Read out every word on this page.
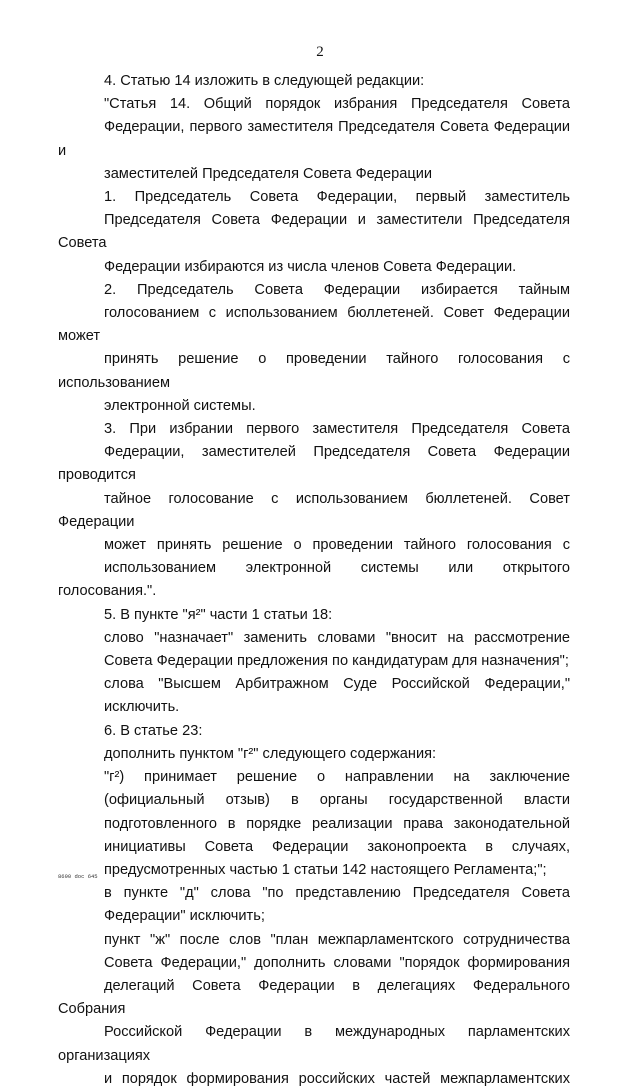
2
4. Статью 14 изложить в следующей редакции:
"Статья 14. Общий порядок избрания Председателя Совета
Федерации, первого заместителя Председателя Совета Федерации и
заместителей Председателя Совета Федерации
1. Председатель Совета Федерации, первый заместитель
Председателя Совета Федерации и заместители Председателя Совета
Федерации избираются из числа членов Совета Федерации.
2. Председатель Совета Федерации избирается тайным
голосованием с использованием бюллетеней. Совет Федерации может
принять решение о проведении тайного голосования с использованием
электронной системы.
3. При избрании первого заместителя Председателя Совета
Федерации, заместителей Председателя Совета Федерации проводится
тайное голосование с использованием бюллетеней. Совет Федерации
может принять решение о проведении тайного голосования с
использованием электронной системы или открытого голосования.".
5. В пункте "я²" части 1 статьи 18:
слово "назначает" заменить словами "вносит на рассмотрение
Совета Федерации предложения по кандидатурам для назначения";
слова "Высшем Арбитражном Суде Российской Федерации,"
исключить.
6. В статье 23:
дополнить пунктом "г²" следующего содержания:
"г²) принимает решение о направлении на заключение
(официальный отзыв) в органы государственной власти
подготовленного в порядке реализации права законодательной
инициативы Совета Федерации законопроекта в случаях,
предусмотренных частью 1 статьи 142 настоящего Регламента;";
в пункте "д" слова "по представлению Председателя Совета
Федерации" исключить;
пункт "ж" после слов "план межпарламентского сотрудничества
Совета Федерации," дополнить словами "порядок формирования
делегаций Совета Федерации в делегациях Федерального Собрания
Российской Федерации в международных парламентских организациях
и порядок формирования российских частей межпарламентских
8690 doc 645
